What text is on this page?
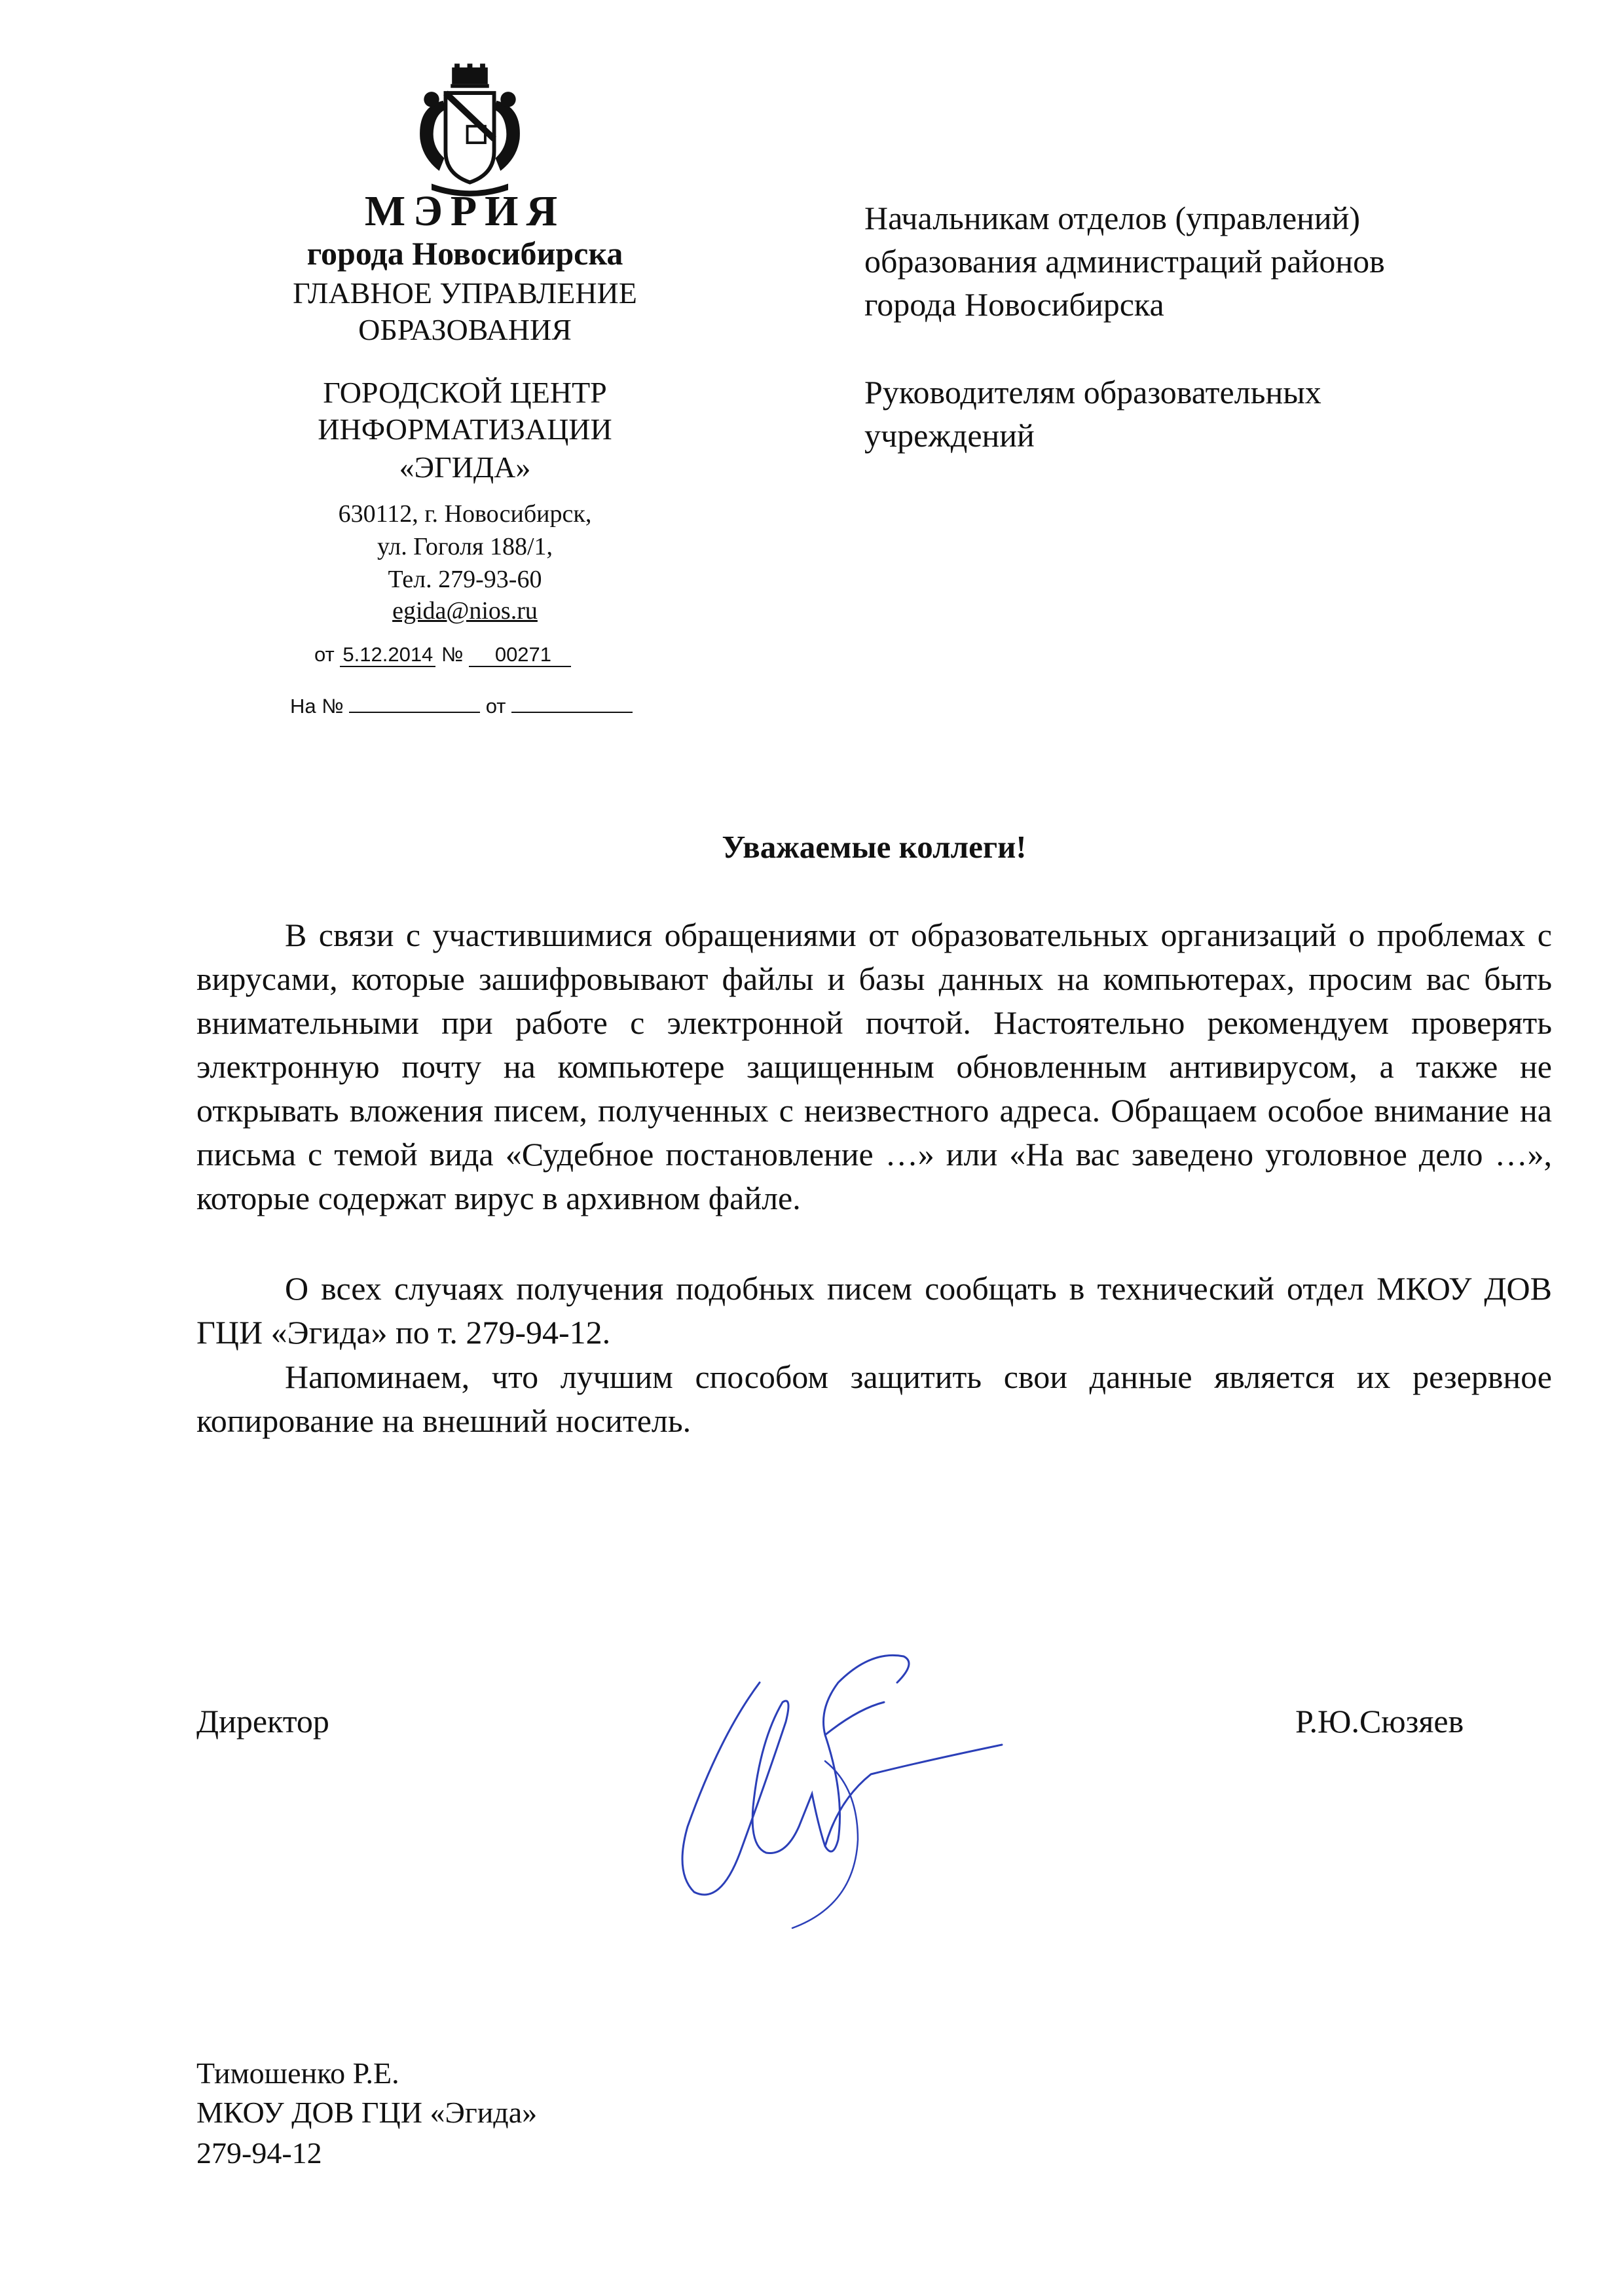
МЭРИЯ
города Новосибирска
ГЛАВНОЕ УПРАВЛЕНИЕ
ОБРАЗОВАНИЯ
ГОРОДСКОЙ ЦЕНТР
ИНФОРМАТИЗАЦИИ
«ЭГИДА»
630112, г. Новосибирск,
ул. Гоголя 188/1,
Тел. 279-93-60
egida@nios.ru
от 5.12.2014 № 00271
На №	от
Начальникам отделов (управлений)
образования администраций районов
города Новосибирска
Руководителям образовательных
учреждений
Уважаемые коллеги!

В связи с участившимися обращениями от образовательных организаций о проблемах с вирусами, которые зашифровывают файлы и базы данных на компьютерах, просим вас быть внимательными при работе с электронной почтой. Настоятельно рекомендуем проверять электронную почту на компьютере защищенным обновленным антивирусом, а также не открывать вложения писем, полученных с неизвестного адреса. Обращаем особое внимание на письма с темой вида «Судебное постановление …» или «На вас заведено уголовное дело …», которые содержат вирус в архивном файле.

О всех случаях получения подобных писем сообщать в технический отдел МКОУ ДОВ ГЦИ «Эгида» по т. 279-94-12.

Напоминаем, что лучшим способом защитить свои данные является их резервное копирование на внешний носитель.

Директор	Р.Ю.Сюзяев
Тимошенко Р.Е.
МКОУ ДОВ ГЦИ «Эгида»
279-94-12
